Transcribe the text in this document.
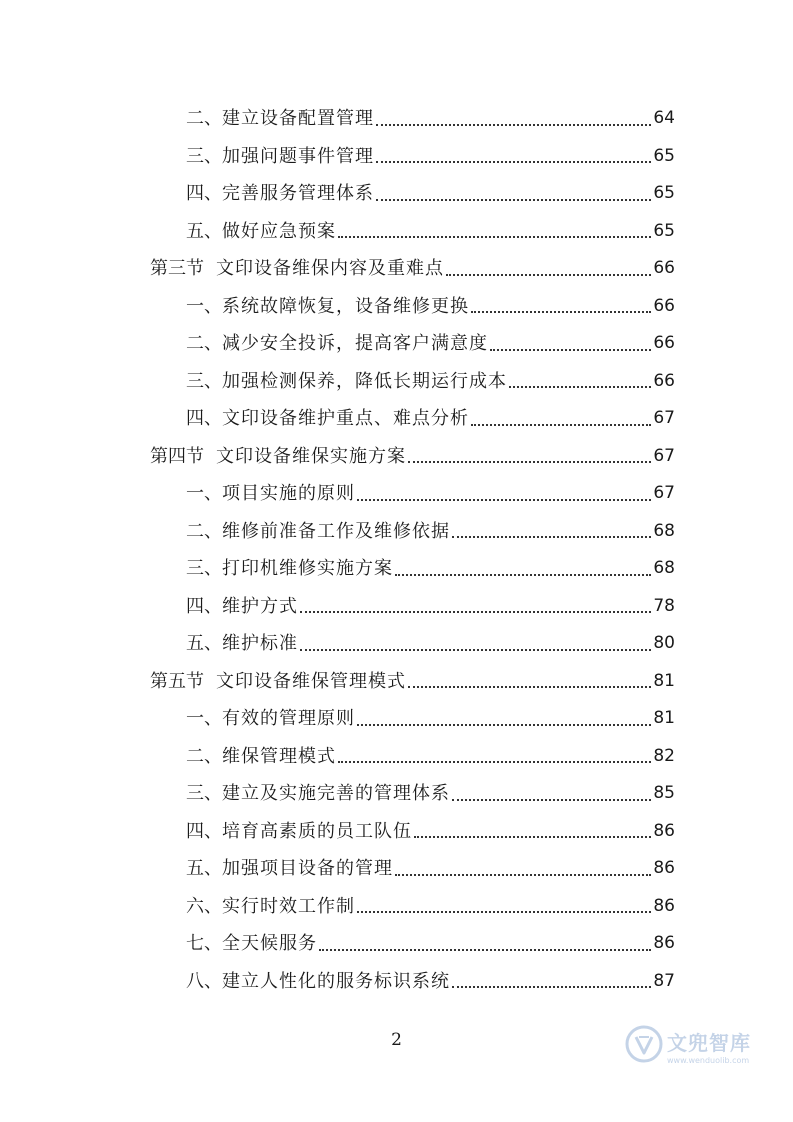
二、 建立设备配置管理	64
三、 加强问题事件管理	65
四、 完善服务管理体系	65
五、 做好应急预案	65
第三节 文印设备维保内容及重难点	66
一、 系统故障恢复，设备维修更换	66
二、 减少安全投诉，提高客户满意度	66
三、 加强检测保养，降低长期运行成本	66
四、 文印设备维护重点、难点分析	67
第四节 文印设备维保实施方案	67
一、 项目实施的原则	67
二、 维修前准备工作及维修依据	68
三、 打印机维修实施方案	68
四、 维护方式	78
五、 维护标准	80
第五节 文印设备维保管理模式	81
一、 有效的管理原则	81
二、 维保管理模式	82
三、 建立及实施完善的管理体系	85
四、 培育高素质的员工队伍	86
五、 加强项目设备的管理	86
六、 实行时效工作制	86
七、 全天候服务	86
八、 建立人性化的服务标识系统	87
2	文兜智库
www.wenduolib.com
